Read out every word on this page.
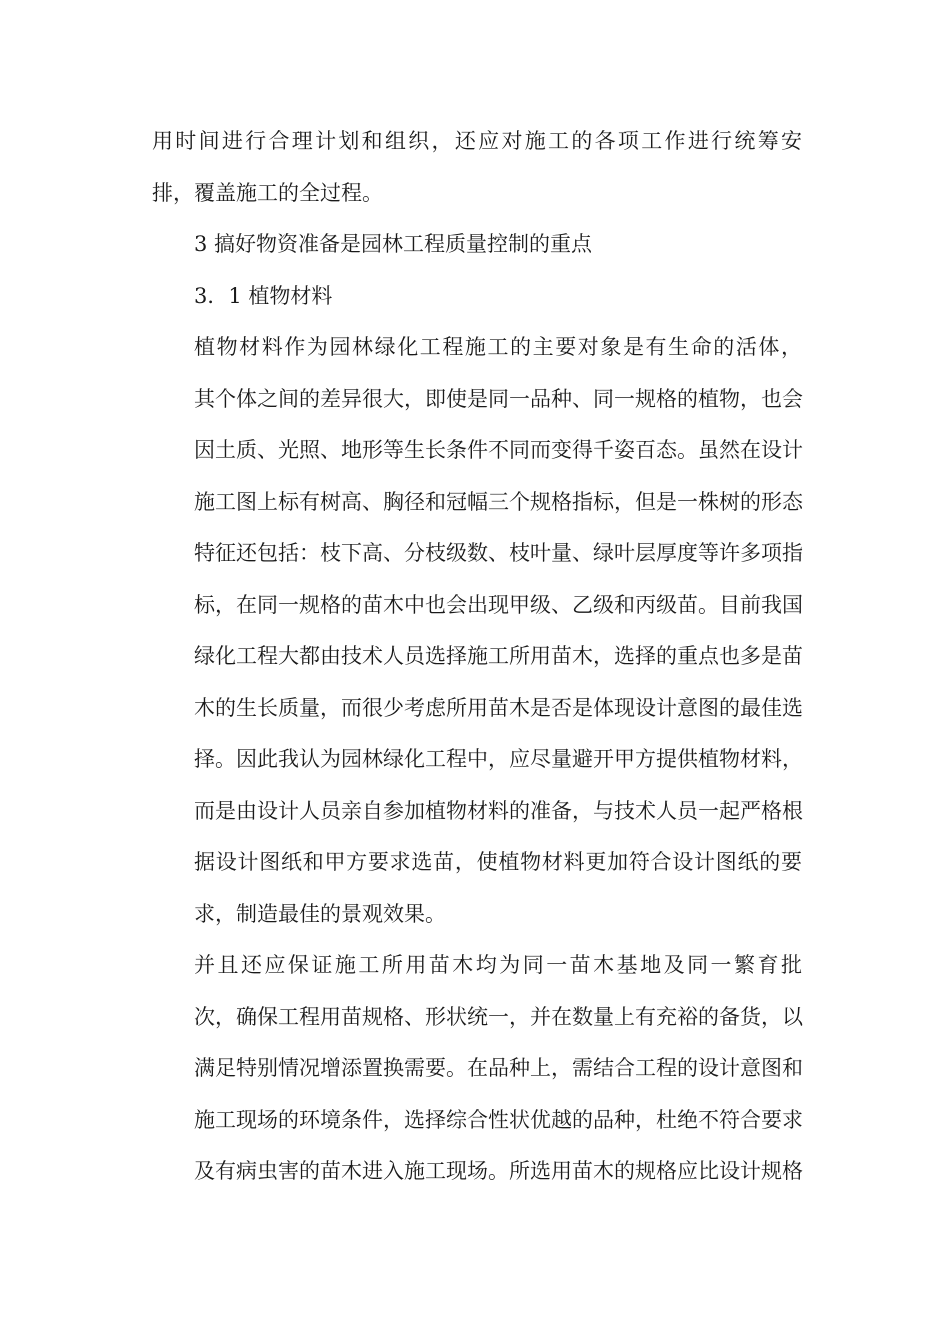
用时间进行合理计划和组织，还应对施工的各项工作进行统筹安
排，覆盖施工的全过程。

3 搞好物资准备是园林工程质量控制的重点

3．1 植物材料

植物材料作为园林绿化工程施工的主要对象是有生命的活体，
其个体之间的差异很大，即使是同一品种、同一规格的植物，也会
因土质、光照、地形等生长条件不同而变得千姿百态。虽然在设计
施工图上标有树高、胸径和冠幅三个规格指标，但是一株树的形态
特征还包括：枝下高、分枝级数、枝叶量、绿叶层厚度等许多项指
标，在同一规格的苗木中也会出现甲级、乙级和丙级苗。目前我国
绿化工程大都由技术人员选择施工所用苗木，选择的重点也多是苗
木的生长质量，而很少考虑所用苗木是否是体现设计意图的最佳选
择。因此我认为园林绿化工程中，应尽量避开甲方提供植物材料，
而是由设计人员亲自参加植物材料的准备，与技术人员一起严格根
据设计图纸和甲方要求选苗，使植物材料更加符合设计图纸的要
求，制造最佳的景观效果。

并且还应保证施工所用苗木均为同一苗木基地及同一繁育批
次，确保工程用苗规格、形状统一，并在数量上有充裕的备货，以
满足特别情况增添置换需要。在品种上，需结合工程的设计意图和
施工现场的环境条件，选择综合性状优越的品种，杜绝不符合要求
及有病虫害的苗木进入施工现场。所选用苗木的规格应比设计规格
